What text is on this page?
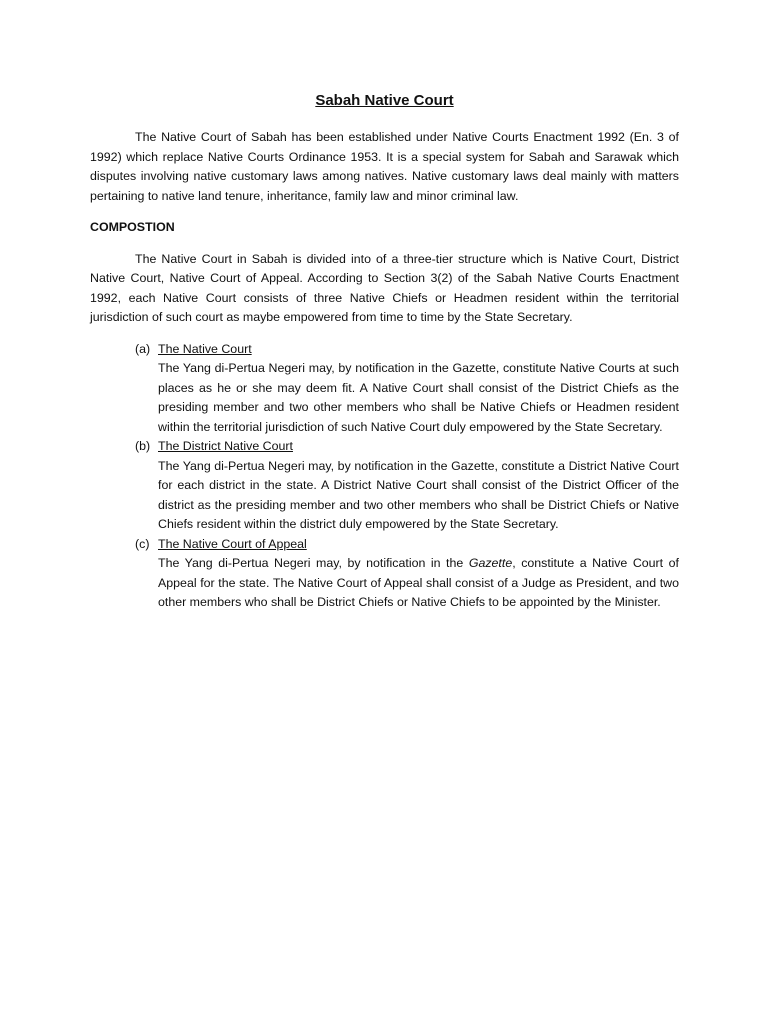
Sabah Native Court

The Native Court of Sabah has been established under Native Courts Enactment 1992 (En. 3 of 1992) which replace Native Courts Ordinance 1953. It is a special system for Sabah and Sarawak which disputes involving native customary laws among natives. Native customary laws deal mainly with matters pertaining to native land tenure, inheritance, family law and minor criminal law.

COMPOSTION

The Native Court in Sabah is divided into of a three-tier structure which is Native Court, District Native Court, Native Court of Appeal. According to Section 3(2) of the Sabah Native Courts Enactment 1992, each Native Court consists of three Native Chiefs or Headmen resident within the territorial jurisdiction of such court as maybe empowered from time to time by the State Secretary.

(a) The Native Court
The Yang di-Pertua Negeri may, by notification in the Gazette, constitute Native Courts at such places as he or she may deem fit. A Native Court shall consist of the District Chiefs as the presiding member and two other members who shall be Native Chiefs or Headmen resident within the territorial jurisdiction of such Native Court duly empowered by the State Secretary.
(b) The District Native Court
The Yang di-Pertua Negeri may, by notification in the Gazette, constitute a District Native Court for each district in the state. A District Native Court shall consist of the District Officer of the district as the presiding member and two other members who shall be District Chiefs or Native Chiefs resident within the district duly empowered by the State Secretary.
(c) The Native Court of Appeal
The Yang di-Pertua Negeri may, by notification in the Gazette, constitute a Native Court of Appeal for the state. The Native Court of Appeal shall consist of a Judge as President, and two other members who shall be District Chiefs or Native Chiefs to be appointed by the Minister.
